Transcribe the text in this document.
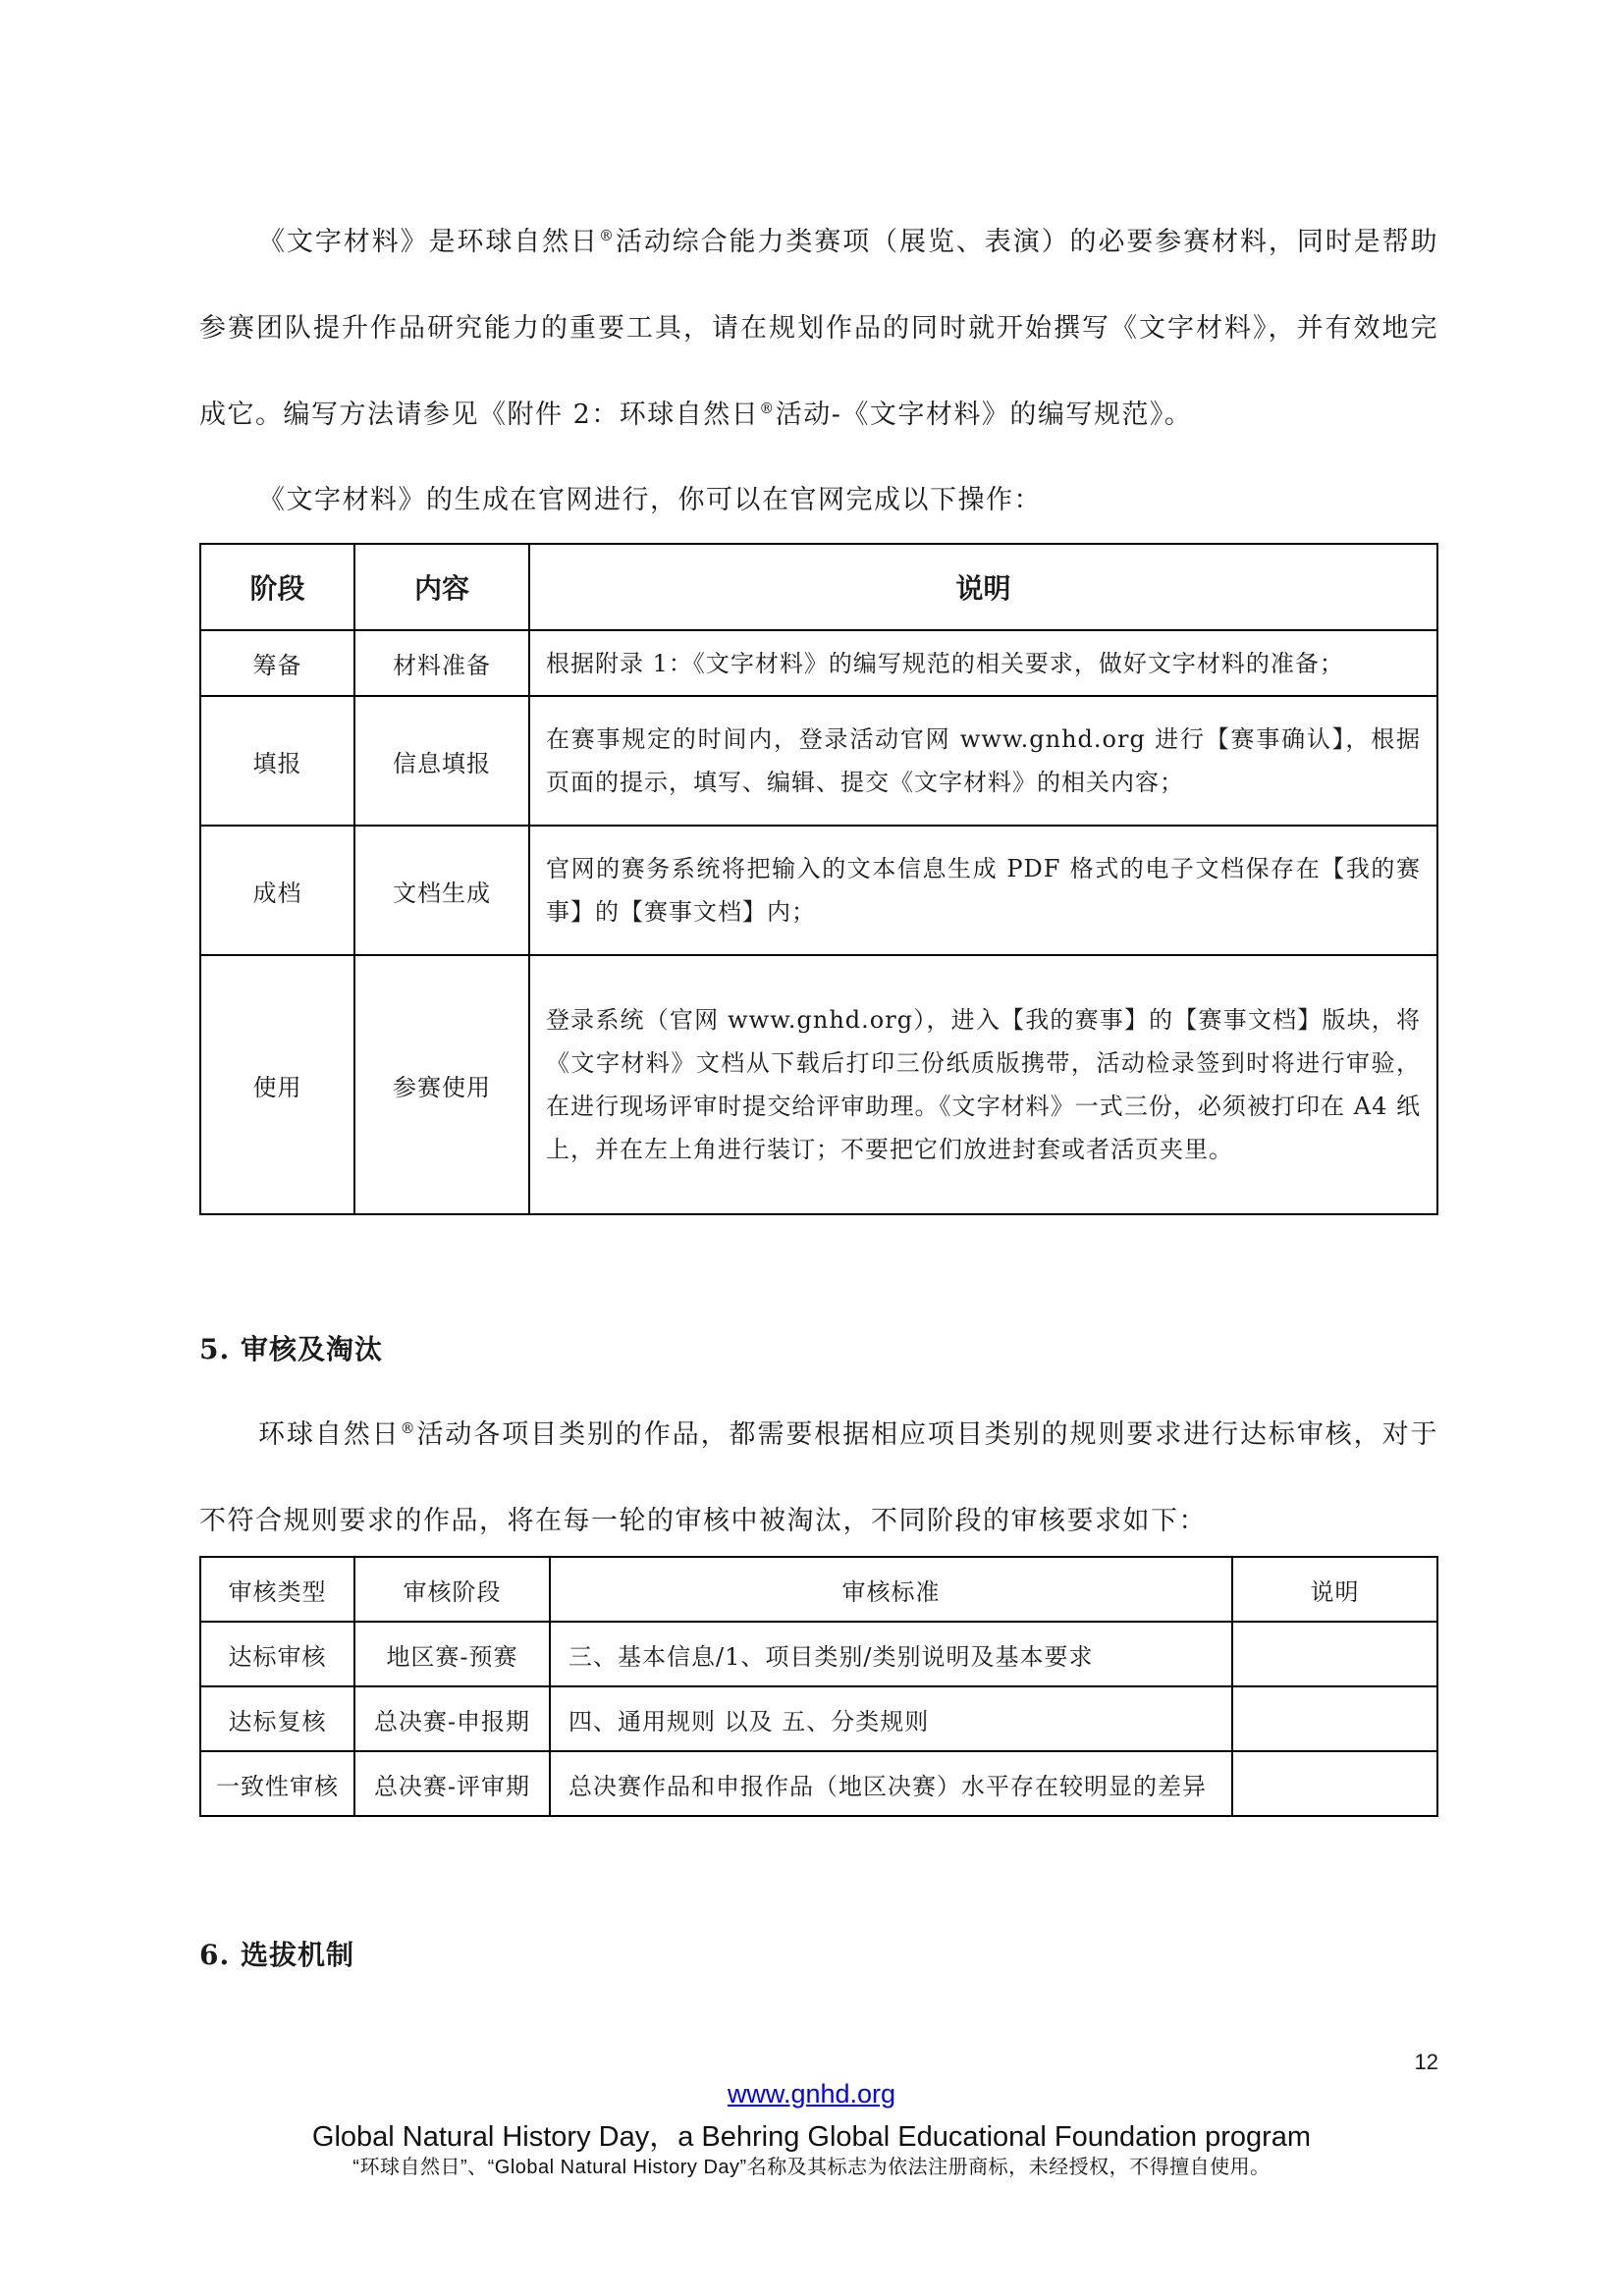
《文字材料》是环球自然日®活动综合能力类赛项（展览、表演）的必要参赛材料，同时是帮助参赛团队提升作品研究能力的重要工具，请在规划作品的同时就开始撰写《文字材料》，并有效地完成它。编写方法请参见《附件 2：环球自然日®活动-《文字材料》的编写规范》。

《文字材料》的生成在官网进行，你可以在官网完成以下操作：

阶段	内容	说明
筹备	材料准备	根据附录 1：《文字材料》的编写规范的相关要求，做好文字材料的准备；
填报	信息填报	在赛事规定的时间内，登录活动官网 www.gnhd.org 进行【赛事确认】，根据页面的提示，填写、编辑、提交《文字材料》的相关内容；
成档	文档生成	官网的赛务系统将把输入的文本信息生成 PDF 格式的电子文档保存在【我的赛事】的【赛事文档】内；
使用	参赛使用	登录系统（官网 www.gnhd.org），进入【我的赛事】的【赛事文档】版块，将《文字材料》文档从下载后打印三份纸质版携带，活动检录签到时将进行审验，在进行现场评审时提交给评审助理。《文字材料》一式三份，必须被打印在 A4 纸上，并在左上角进行装订；不要把它们放进封套或者活页夹里。

5. 审核及淘汰

环球自然日®活动各项目类别的作品，都需要根据相应项目类别的规则要求进行达标审核，对于不符合规则要求的作品，将在每一轮的审核中被淘汰，不同阶段的审核要求如下：

审核类型	审核阶段	审核标准	说明
达标审核	地区赛-预赛	三、基本信息/1、项目类别/类别说明及基本要求	
达标复核	总决赛-申报期	四、通用规则 以及 五、分类规则	
一致性审核	总决赛-评审期	总决赛作品和申报作品（地区决赛）水平存在较明显的差异	

6. 选拔机制

12
www.gnhd.org
Global Natural History Day，a Behring Global Educational Foundation program
“环球自然日”、“Global Natural History Day”名称及其标志为依法注册商标，未经授权，不得擅自使用。
